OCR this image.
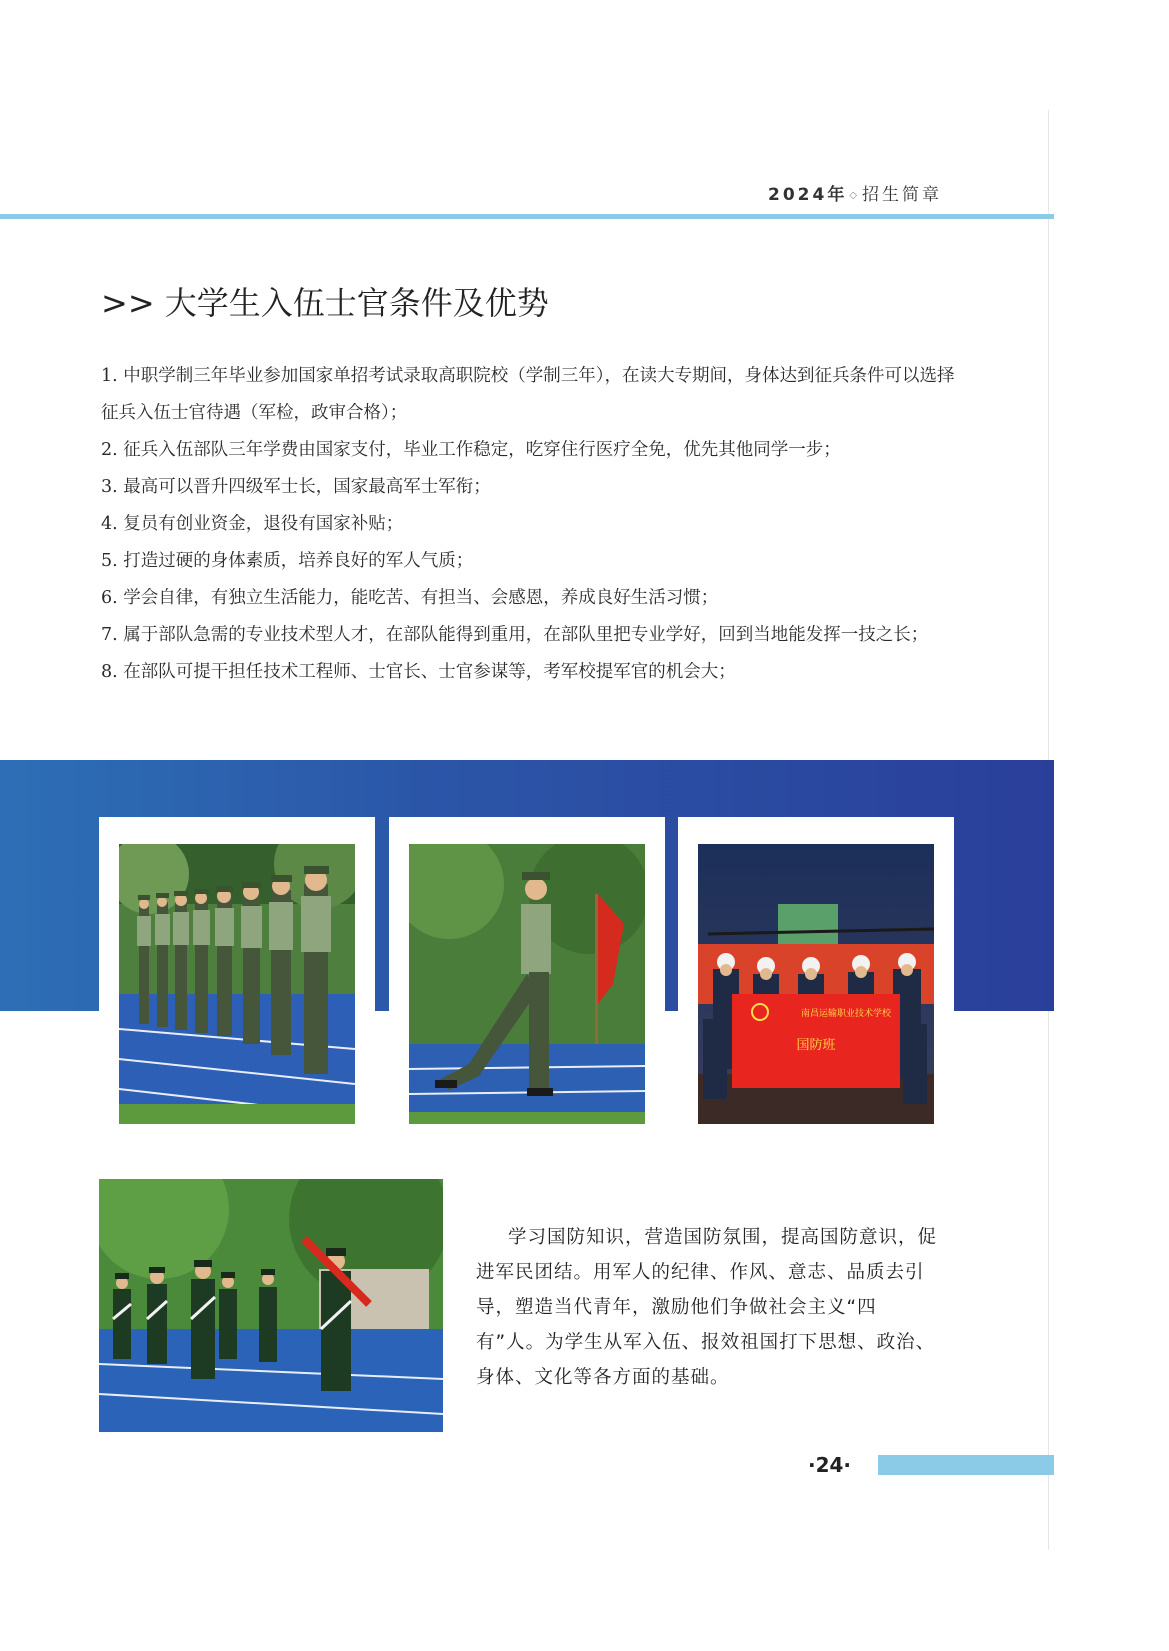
2024年 ◇ 招生简章
>> 大学生入伍士官条件及优势
1. 中职学制三年毕业参加国家单招考试录取高职院校（学制三年），在读大专期间，身体达到征兵条件可以选择征兵入伍士官待遇（军检，政审合格）；
2. 征兵入伍部队三年学费由国家支付，毕业工作稳定，吃穿住行医疗全免，优先其他同学一步；
3. 最高可以晋升四级军士长，国家最高军士军衔；
4. 复员有创业资金，退役有国家补贴；
5. 打造过硬的身体素质，培养良好的军人气质；
6. 学会自律，有独立生活能力，能吃苦、有担当、会感恩，养成良好生活习惯；
7. 属于部队急需的专业技术型人才，在部队能得到重用，在部队里把专业学好，回到当地能发挥一技之长；
8. 在部队可提干担任技术工程师、士官长、士官参谋等，考军校提军官的机会大；
南昌运输职业技术学校
国防班
学习国防知识，营造国防氛围，提高国防意识，促进军民团结。用军人的纪律、作风、意志、品质去引导，塑造当代青年，激励他们争做社会主义“四有”人。为学生从军入伍、报效祖国打下思想、政治、身体、文化等各方面的基础。
·24·
